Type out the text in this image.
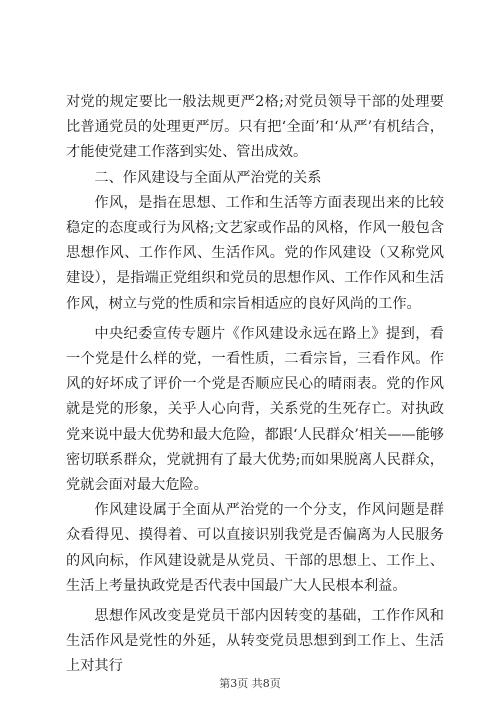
对党的规定要比一般法规更严2格;对党员领导干部的处理要比普通党员的处理更严厉。只有把‘全面’和‘从严’有机结合，才能使党建工作落到实处、管出成效。

二、作风建设与全面从严治党的关系

作风，是指在思想、工作和生活等方面表现出来的比较稳定的态度或行为风格;文艺家或作品的风格，作风一般包含思想作风、工作作风、生活作风。党的作风建设（又称党风建设），是指端正党组织和党员的思想作风、工作作风和生活作风，树立与党的性质和宗旨相适应的良好风尚的工作。

中央纪委宣传专题片《作风建设永远在路上》提到，看一个党是什么样的党，一看性质，二看宗旨，三看作风。作风的好坏成了评价一个党是否顺应民心的晴雨表。党的作风就是党的形象，关乎人心向背，关系党的生死存亡。对执政党来说中最大优势和最大危险，都跟‘人民群众’相关——能够密切联系群众，党就拥有了最大优势;而如果脱离人民群众，党就会面对最大危险。

作风建设属于全面从严治党的一个分支，作风问题是群众看得见、摸得着、可以直接识别我党是否偏离为人民服务的风向标，作风建设就是从党员、干部的思想上、工作上、生活上考量执政党是否代表中国最广大人民根本利益。

思想作风改变是党员干部内因转变的基础，工作作风和生活作风是党性的外延，从转变党员思想到到工作上、生活上对其行

第3页 共8页
